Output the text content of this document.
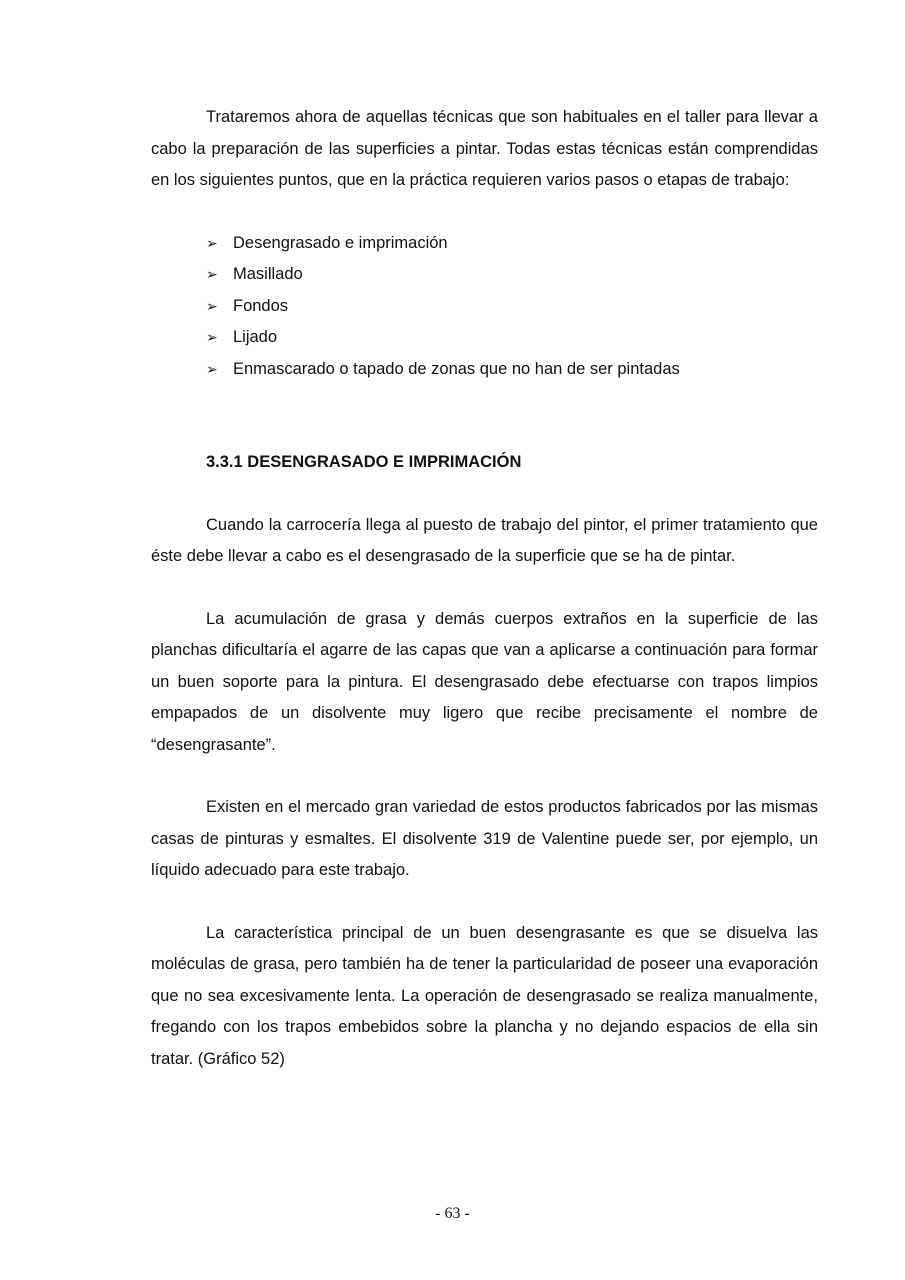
Trataremos ahora de aquellas técnicas que son habituales en el taller para llevar a cabo la preparación de las superficies a pintar. Todas estas técnicas están comprendidas en los siguientes puntos, que en la práctica requieren varios pasos o etapas de trabajo:

➢ Desengrasado e imprimación
➢ Masillado
➢ Fondos
➢ Lijado
➢ Enmascarado o tapado de zonas que no han de ser pintadas
3.3.1 DESENGRASADO E IMPRIMACIÓN

Cuando la carrocería llega al puesto de trabajo del pintor, el primer tratamiento que éste debe llevar a cabo es el desengrasado de la superficie que se ha de pintar.

La acumulación de grasa y demás cuerpos extraños en la superficie de las planchas dificultaría el agarre de las capas que van a aplicarse a continuación para formar un buen soporte para la pintura. El desengrasado debe efectuarse con trapos limpios empapados de un disolvente muy ligero que recibe precisamente el nombre de “desengrasante”.

Existen en el mercado gran variedad de estos productos fabricados por las mismas casas de pinturas y esmaltes. El disolvente 319 de Valentine puede ser, por ejemplo, un líquido adecuado para este trabajo.

La característica principal de un buen desengrasante es que se disuelva las moléculas de grasa, pero también ha de tener la particularidad de poseer una evaporación que no sea excesivamente lenta. La operación de desengrasado se realiza manualmente, fregando con los trapos embebidos sobre la plancha y no dejando espacios de ella sin tratar. (Gráfico 52)

- 63 -
